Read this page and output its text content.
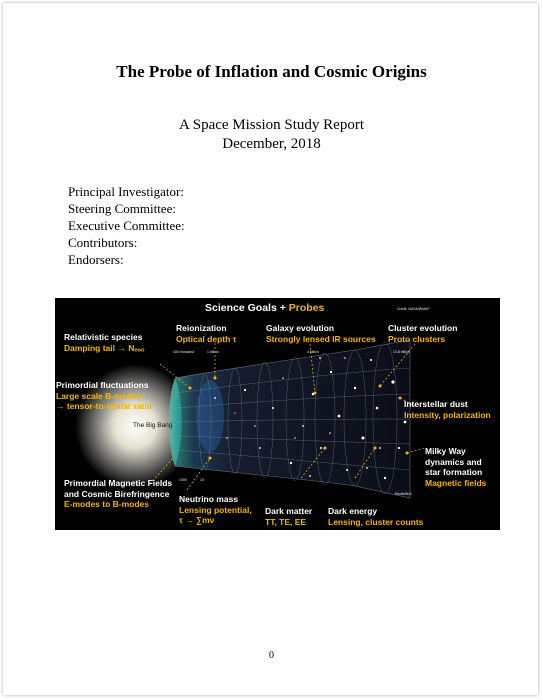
The Probe of Inflation and Cosmic Origins
A Space Mission Study Report
December, 2018
Principal Investigator:
Steering Committee:
Executive Committee:
Contributors:
Endorsers:
Science Goals + Probes	Credit: NASA/WMAP
400 thousand	1 billion	4 billion	13.8 billion
1000	10
Redshift=1
The Big Bang
Relativistic species
Damping tail → Nₑₒₒ
Reionization
Optical depth τ
Galaxy evolution
Strongly lensed IR sources
Cluster evolution
Proto clusters
Primordial fluctuations
Large scale B-modes
→ tensor-to-scalar ratio	Interstellar dust
Intensity, polarization
Milky Way
dynamics and
star formation
Magnetic fields
Primordial Magnetic Fields
and Cosmic Birefringence
E-modes to B-modes	Neutrino mass
Lensing potential,
τ → ∑mν
Dark matter
TT, TE, EE
Dark energy
Lensing, cluster counts
0
